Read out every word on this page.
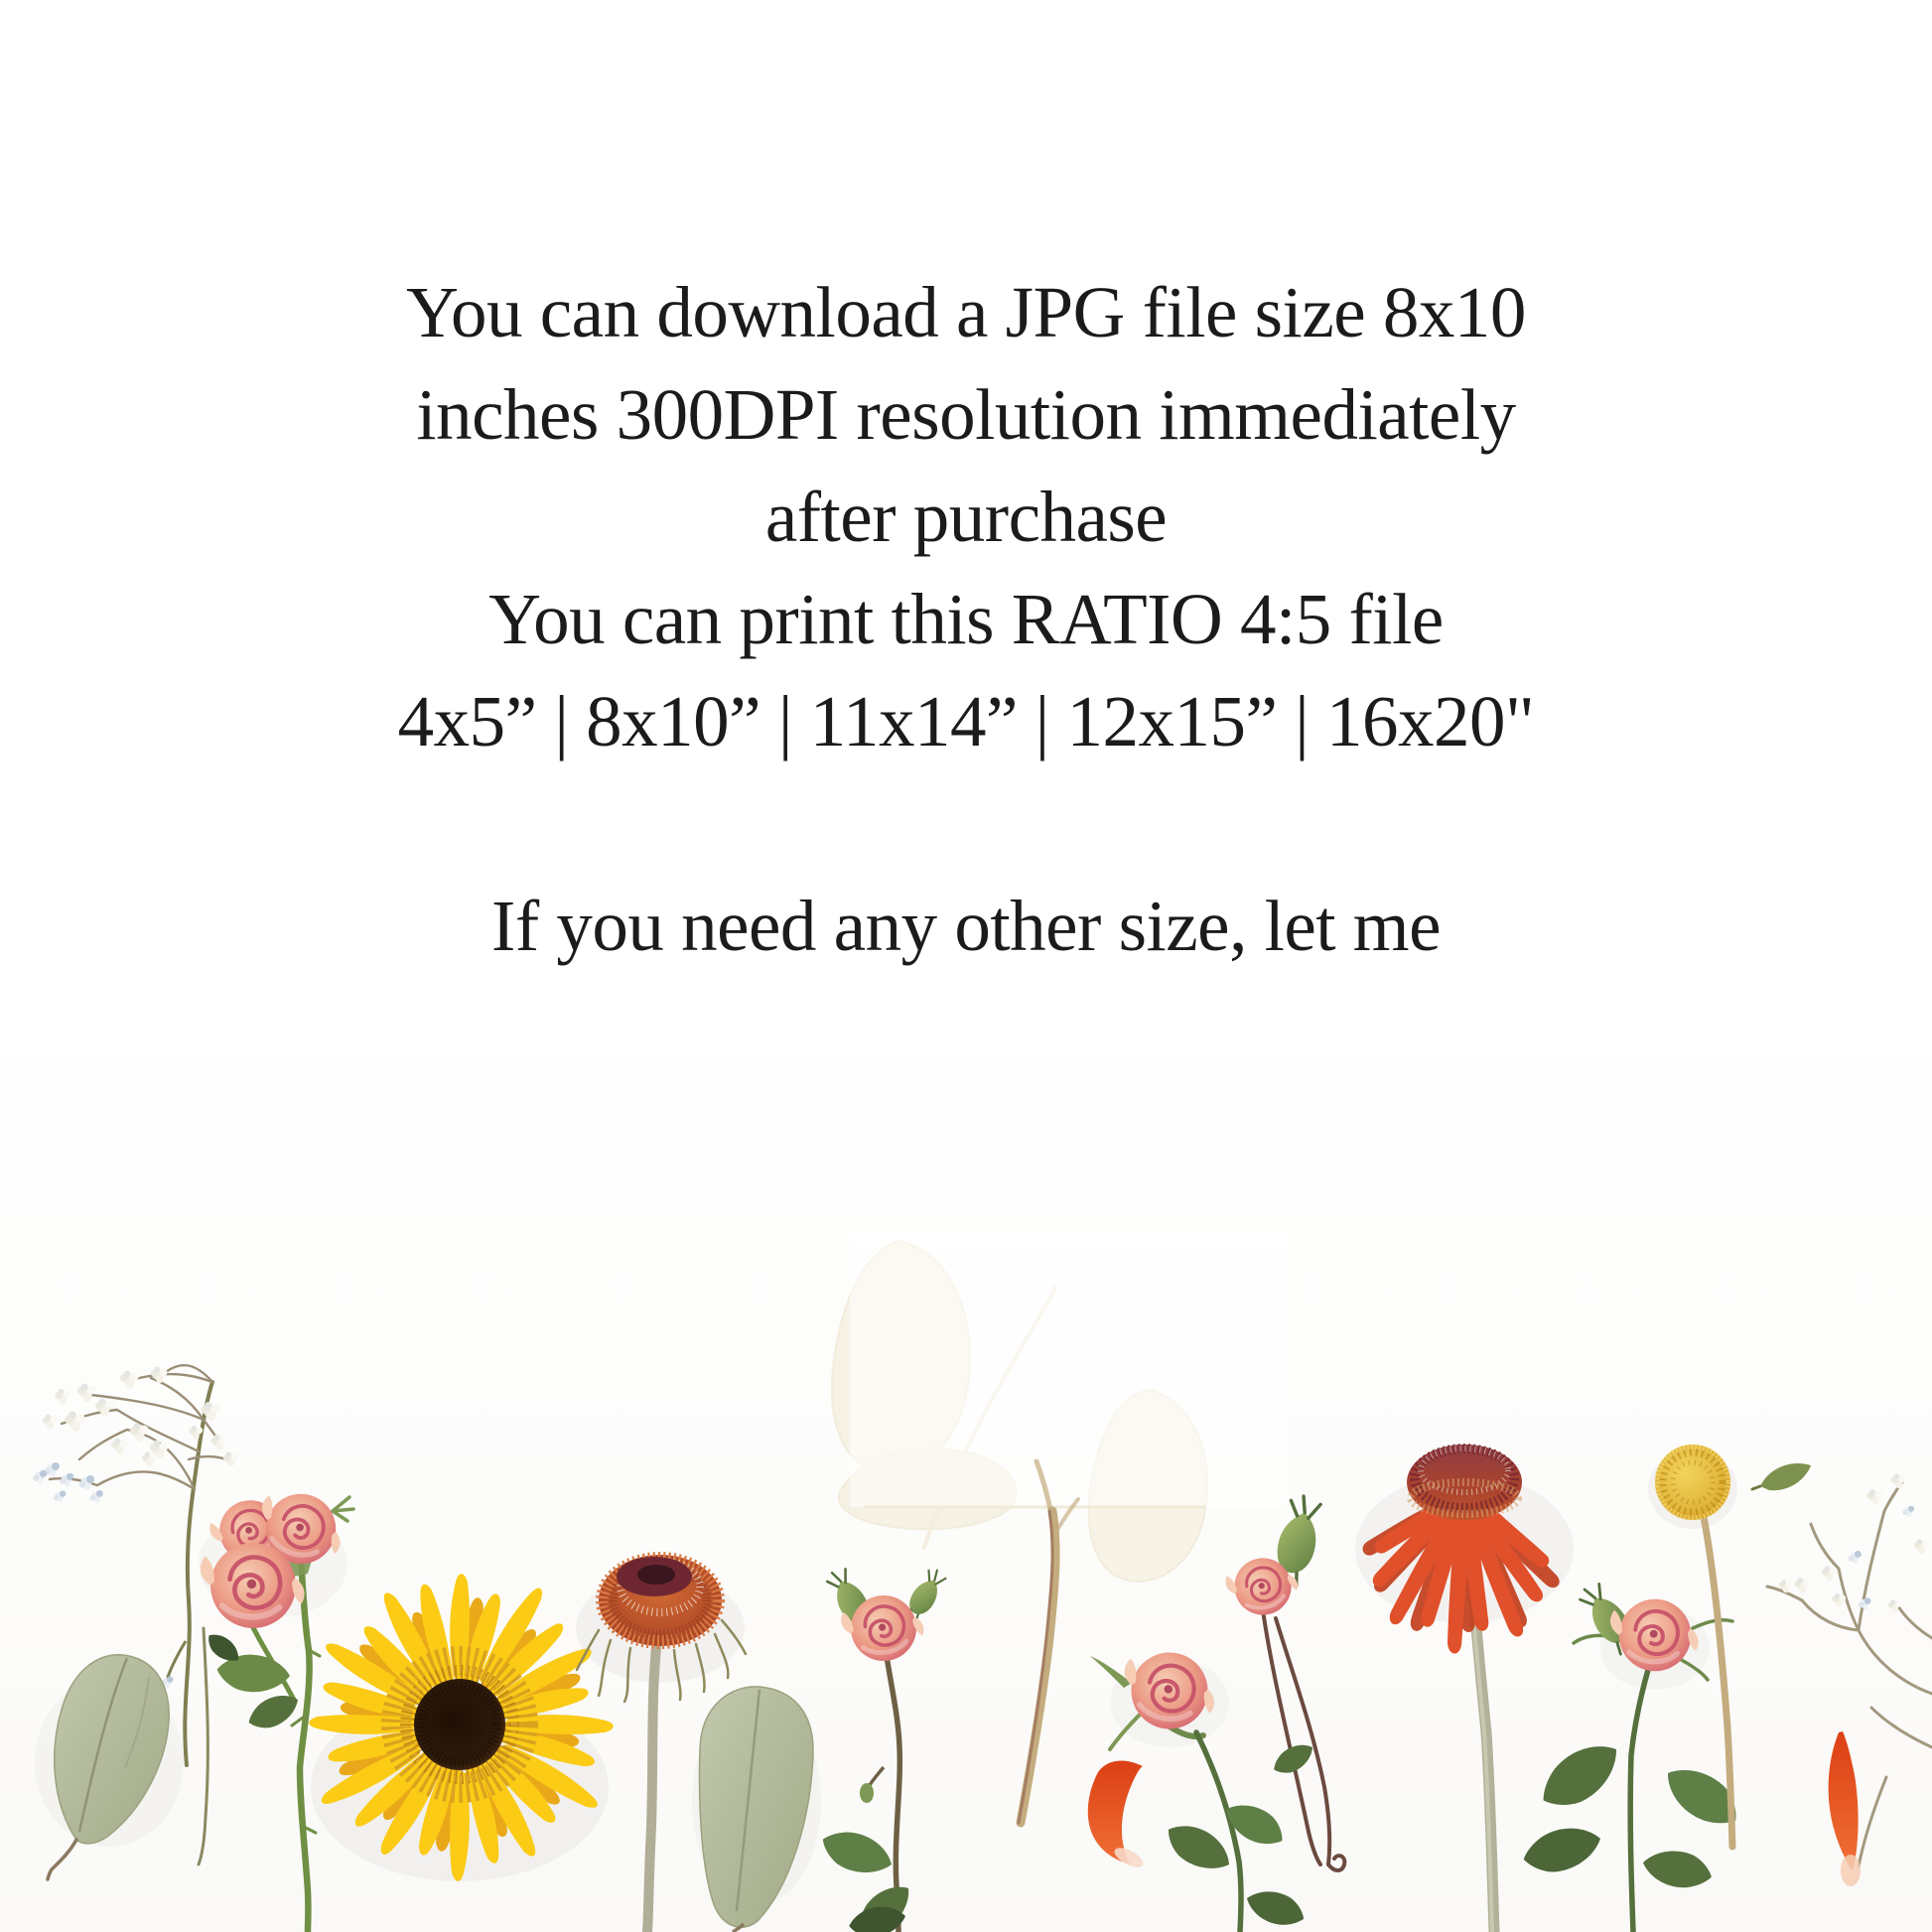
You can download a JPG file size 8x10
inches 300DPI resolution immediately
after purchase
You can print this RATIO 4:5 file
4x5” | 8x10” | 11x14” | 12x15” | 16x20"
If you need any other size, let me
